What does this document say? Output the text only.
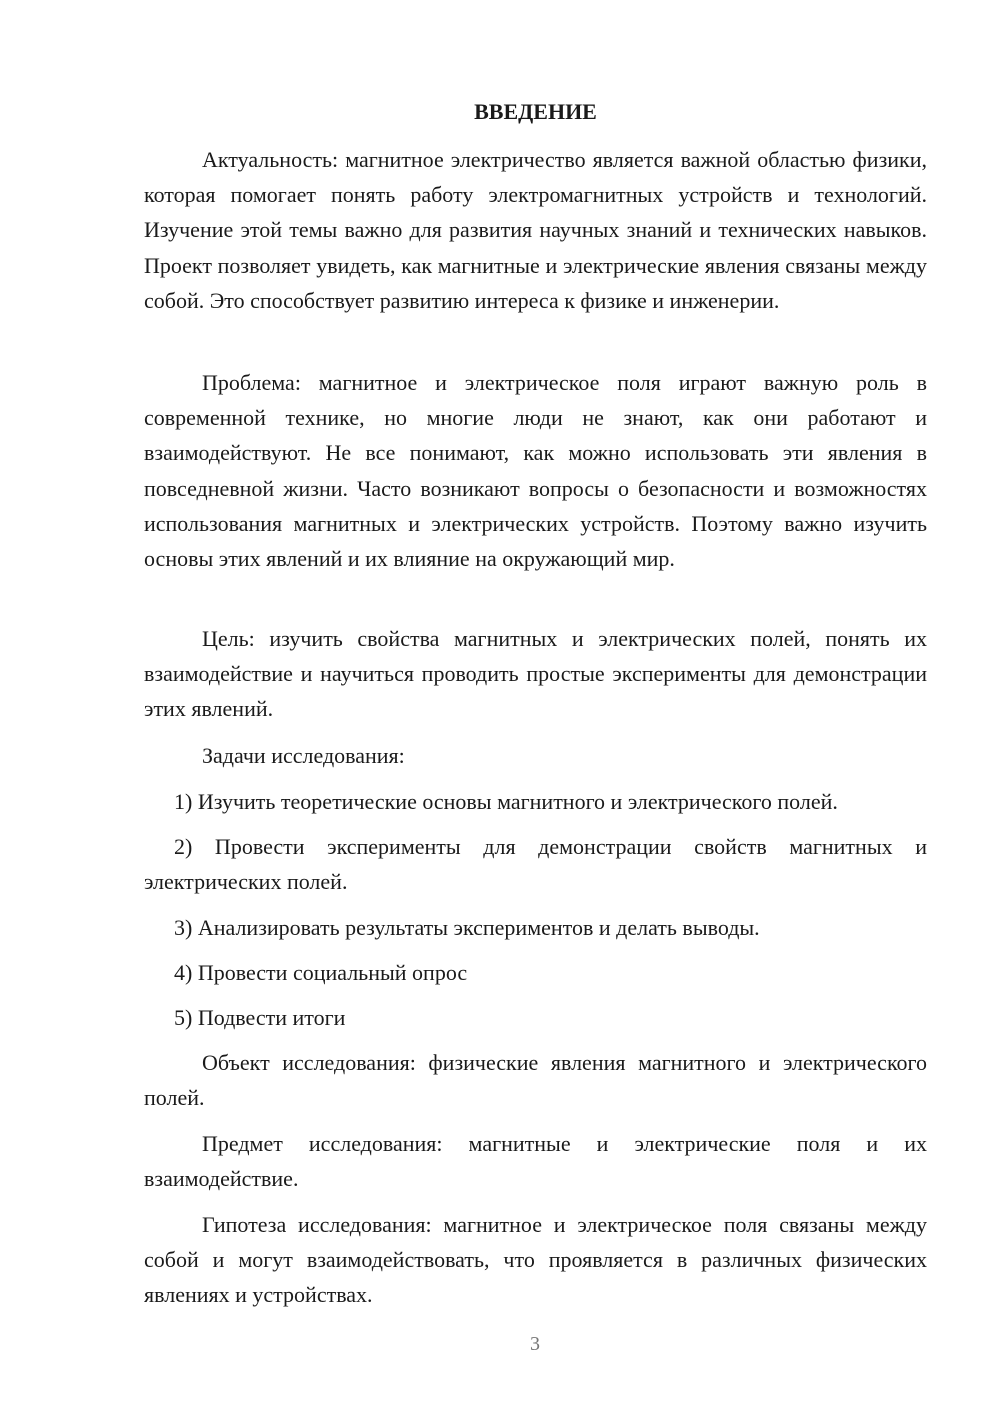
ВВЕДЕНИЕ

Актуальность: магнитное электричество является важной областью физики, которая помогает понять работу электромагнитных устройств и технологий. Изучение этой темы важно для развития научных знаний и технических навыков. Проект позволяет увидеть, как магнитные и электрические явления связаны между собой. Это способствует развитию интереса к физике и инженерии.

Проблема: магнитное и электрическое поля играют важную роль в современной технике, но многие люди не знают, как они работают и взаимодействуют. Не все понимают, как можно использовать эти явления в повседневной жизни. Часто возникают вопросы о безопасности и возможностях использования магнитных и электрических устройств. Поэтому важно изучить основы этих явлений и их влияние на окружающий мир.

Цель: изучить свойства магнитных и электрических полей, понять их взаимодействие и научиться проводить простые эксперименты для демонстрации этих явлений.

Задачи исследования:

1) Изучить теоретические основы магнитного и электрического полей.

2) Провести эксперименты для демонстрации свойств магнитных и электрических полей.

3) Анализировать результаты экспериментов и делать выводы.

4) Провести социальный опрос

5) Подвести итоги

Объект исследования: физические явления магнитного и электрического полей.

Предмет исследования: магнитные и электрические поля и их взаимодействие.

Гипотеза исследования: магнитное и электрическое поля связаны между собой и могут взаимодействовать, что проявляется в различных физических явлениях и устройствах.

3
